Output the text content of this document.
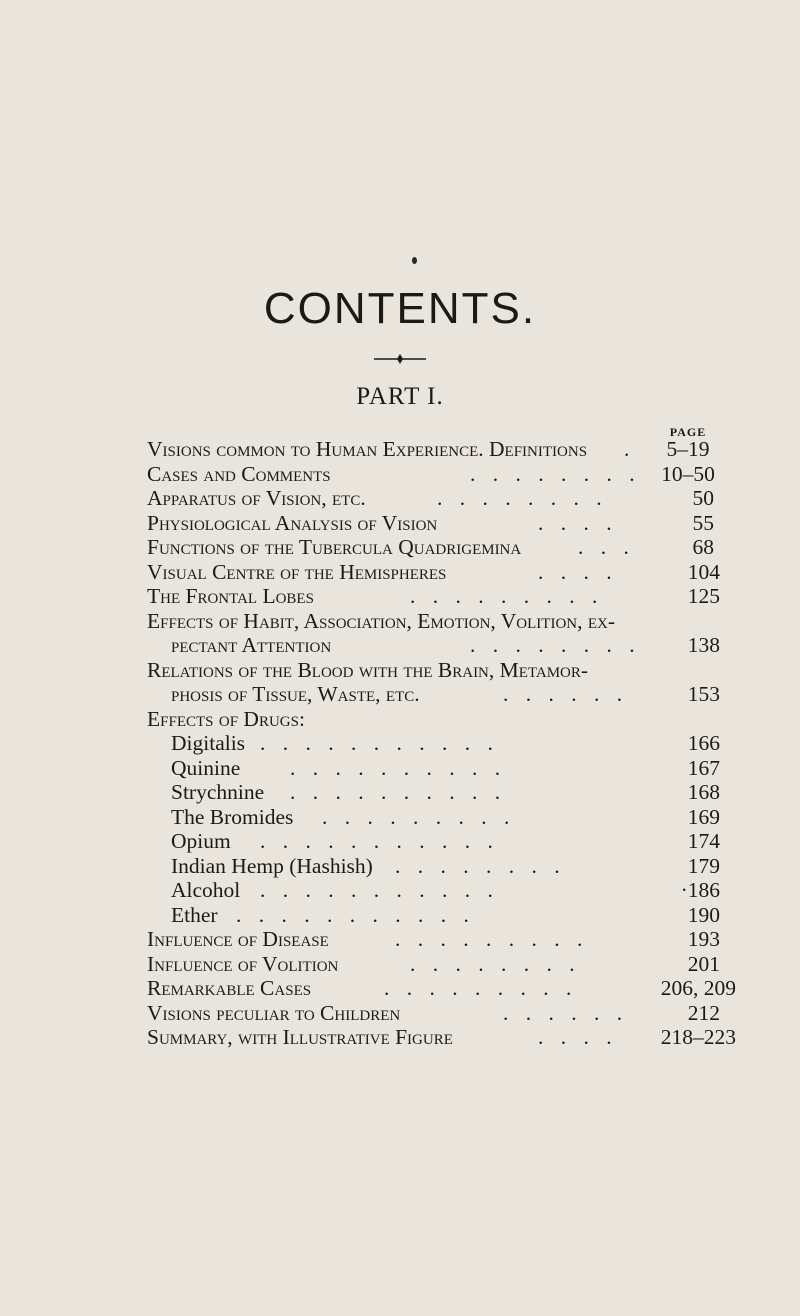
CONTENTS.
PART I.
PAGE
Visions common to Human Experience. Definitions .	5–19
Cases and Comments	. . . . . . . . 10–50
Apparatus of Vision, etc.	. . . . . . . .	50
Physiological Analysis of Vision	. . . .	55
Functions of the Tubercula Quadrigemina	. . .	68
Visual Centre of the Hemispheres	. . . .	104
The Frontal Lobes	. . . . . . . . .	125
Effects of Habit, Association, Emotion, Volition, ex-
pectant Attention	. . . . . . . . 138
Relations of the Blood with the Brain, Metamor-
phosis of Tissue, Waste, etc.	. . . . . .	153
Effects of Drugs:
Digitalis . . . . . . . . . . .	166
Quinine . . . . . . . . . .	167
Strychnine . . . . . . . . . .	168
The Bromides . . . . . . . . .	169
Opium . . . . . . . . . . .	174
Indian Hemp (Hashish) . . . . . . . .	179
Alcohol . . . . . . . . . . .	·186
Ether . . . . . . . . . . .	190
Influence of Disease	. . . . . . . . .	193
Influence of Volition	. . . . . . . .	201
Remarkable Cases	. . . . . . . . .	206, 209
Visions peculiar to Children	. . . . . .	212
Summary, with Illustrative Figure	. . . . 218–223
